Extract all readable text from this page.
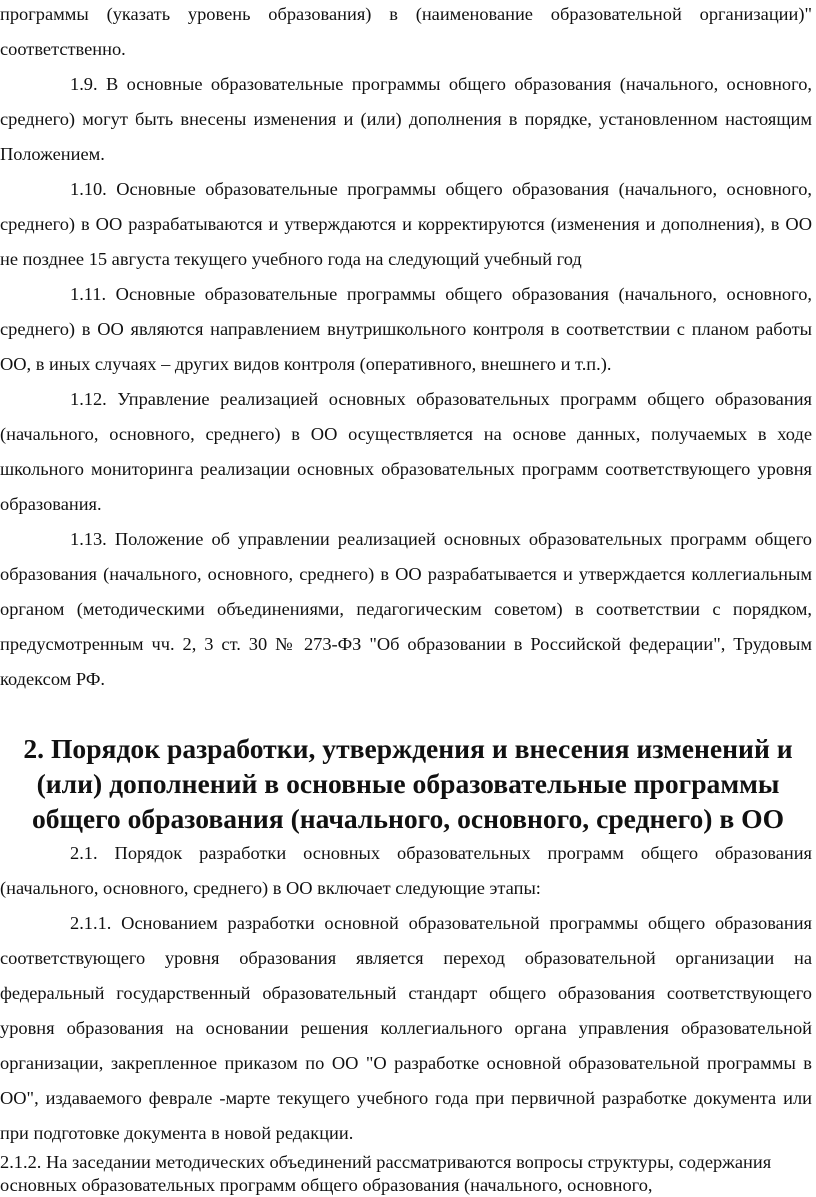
программы (указать уровень образования) в (наименование образовательной организации)" соответственно.

1.9. В основные образовательные программы общего образования (начального, основного, среднего) могут быть внесены изменения и (или) дополнения в порядке, установленном настоящим Положением.

1.10. Основные образовательные программы общего образования (начального, основного, среднего) в ОО разрабатываются и утверждаются и корректируются (изменения и дополнения), в ОО не позднее 15 августа текущего учебного года на следующий учебный год

1.11. Основные образовательные программы общего образования (начального, основного, среднего) в ОО являются направлением внутришкольного контроля в соответствии с планом работы ОО, в иных случаях – других видов контроля (оперативного, внешнего и т.п.).

1.12. Управление реализацией основных образовательных программ общего образования (начального, основного, среднего) в ОО осуществляется на основе данных, получаемых в ходе школьного мониторинга реализации основных образовательных программ соответствующего уровня образования.

1.13. Положение об управлении реализацией основных образовательных программ общего образования (начального, основного, среднего) в ОО разрабатывается и утверждается коллегиальным органом (методическими объединениями, педагогическим советом) в соответствии с порядком, предусмотренным чч. 2, 3 ст. 30 № 273-ФЗ "Об образовании в Российской федерации", Трудовым кодексом РФ.

2. Порядок разработки, утверждения и внесения изменений и (или) дополнений в основные образовательные программы общего образования (начального, основного, среднего) в ОО

2.1. Порядок разработки основных образовательных программ общего образования (начального, основного, среднего) в ОО включает следующие этапы:

2.1.1. Основанием разработки основной образовательной программы общего образования соответствующего уровня образования является переход образовательной организации на федеральный государственный образовательный стандарт общего образования соответствующего уровня образования на основании решения коллегиального органа управления образовательной организации, закрепленное приказом по ОО "О разработке основной образовательной программы в ОО", издаваемого феврале -марте текущего учебного года при первичной разработке документа или при подготовке документа в новой редакции.

2.1.2. На заседании методических объединений рассматриваются вопросы структуры, содержания основных образовательных программ общего образования (начального, основного,
